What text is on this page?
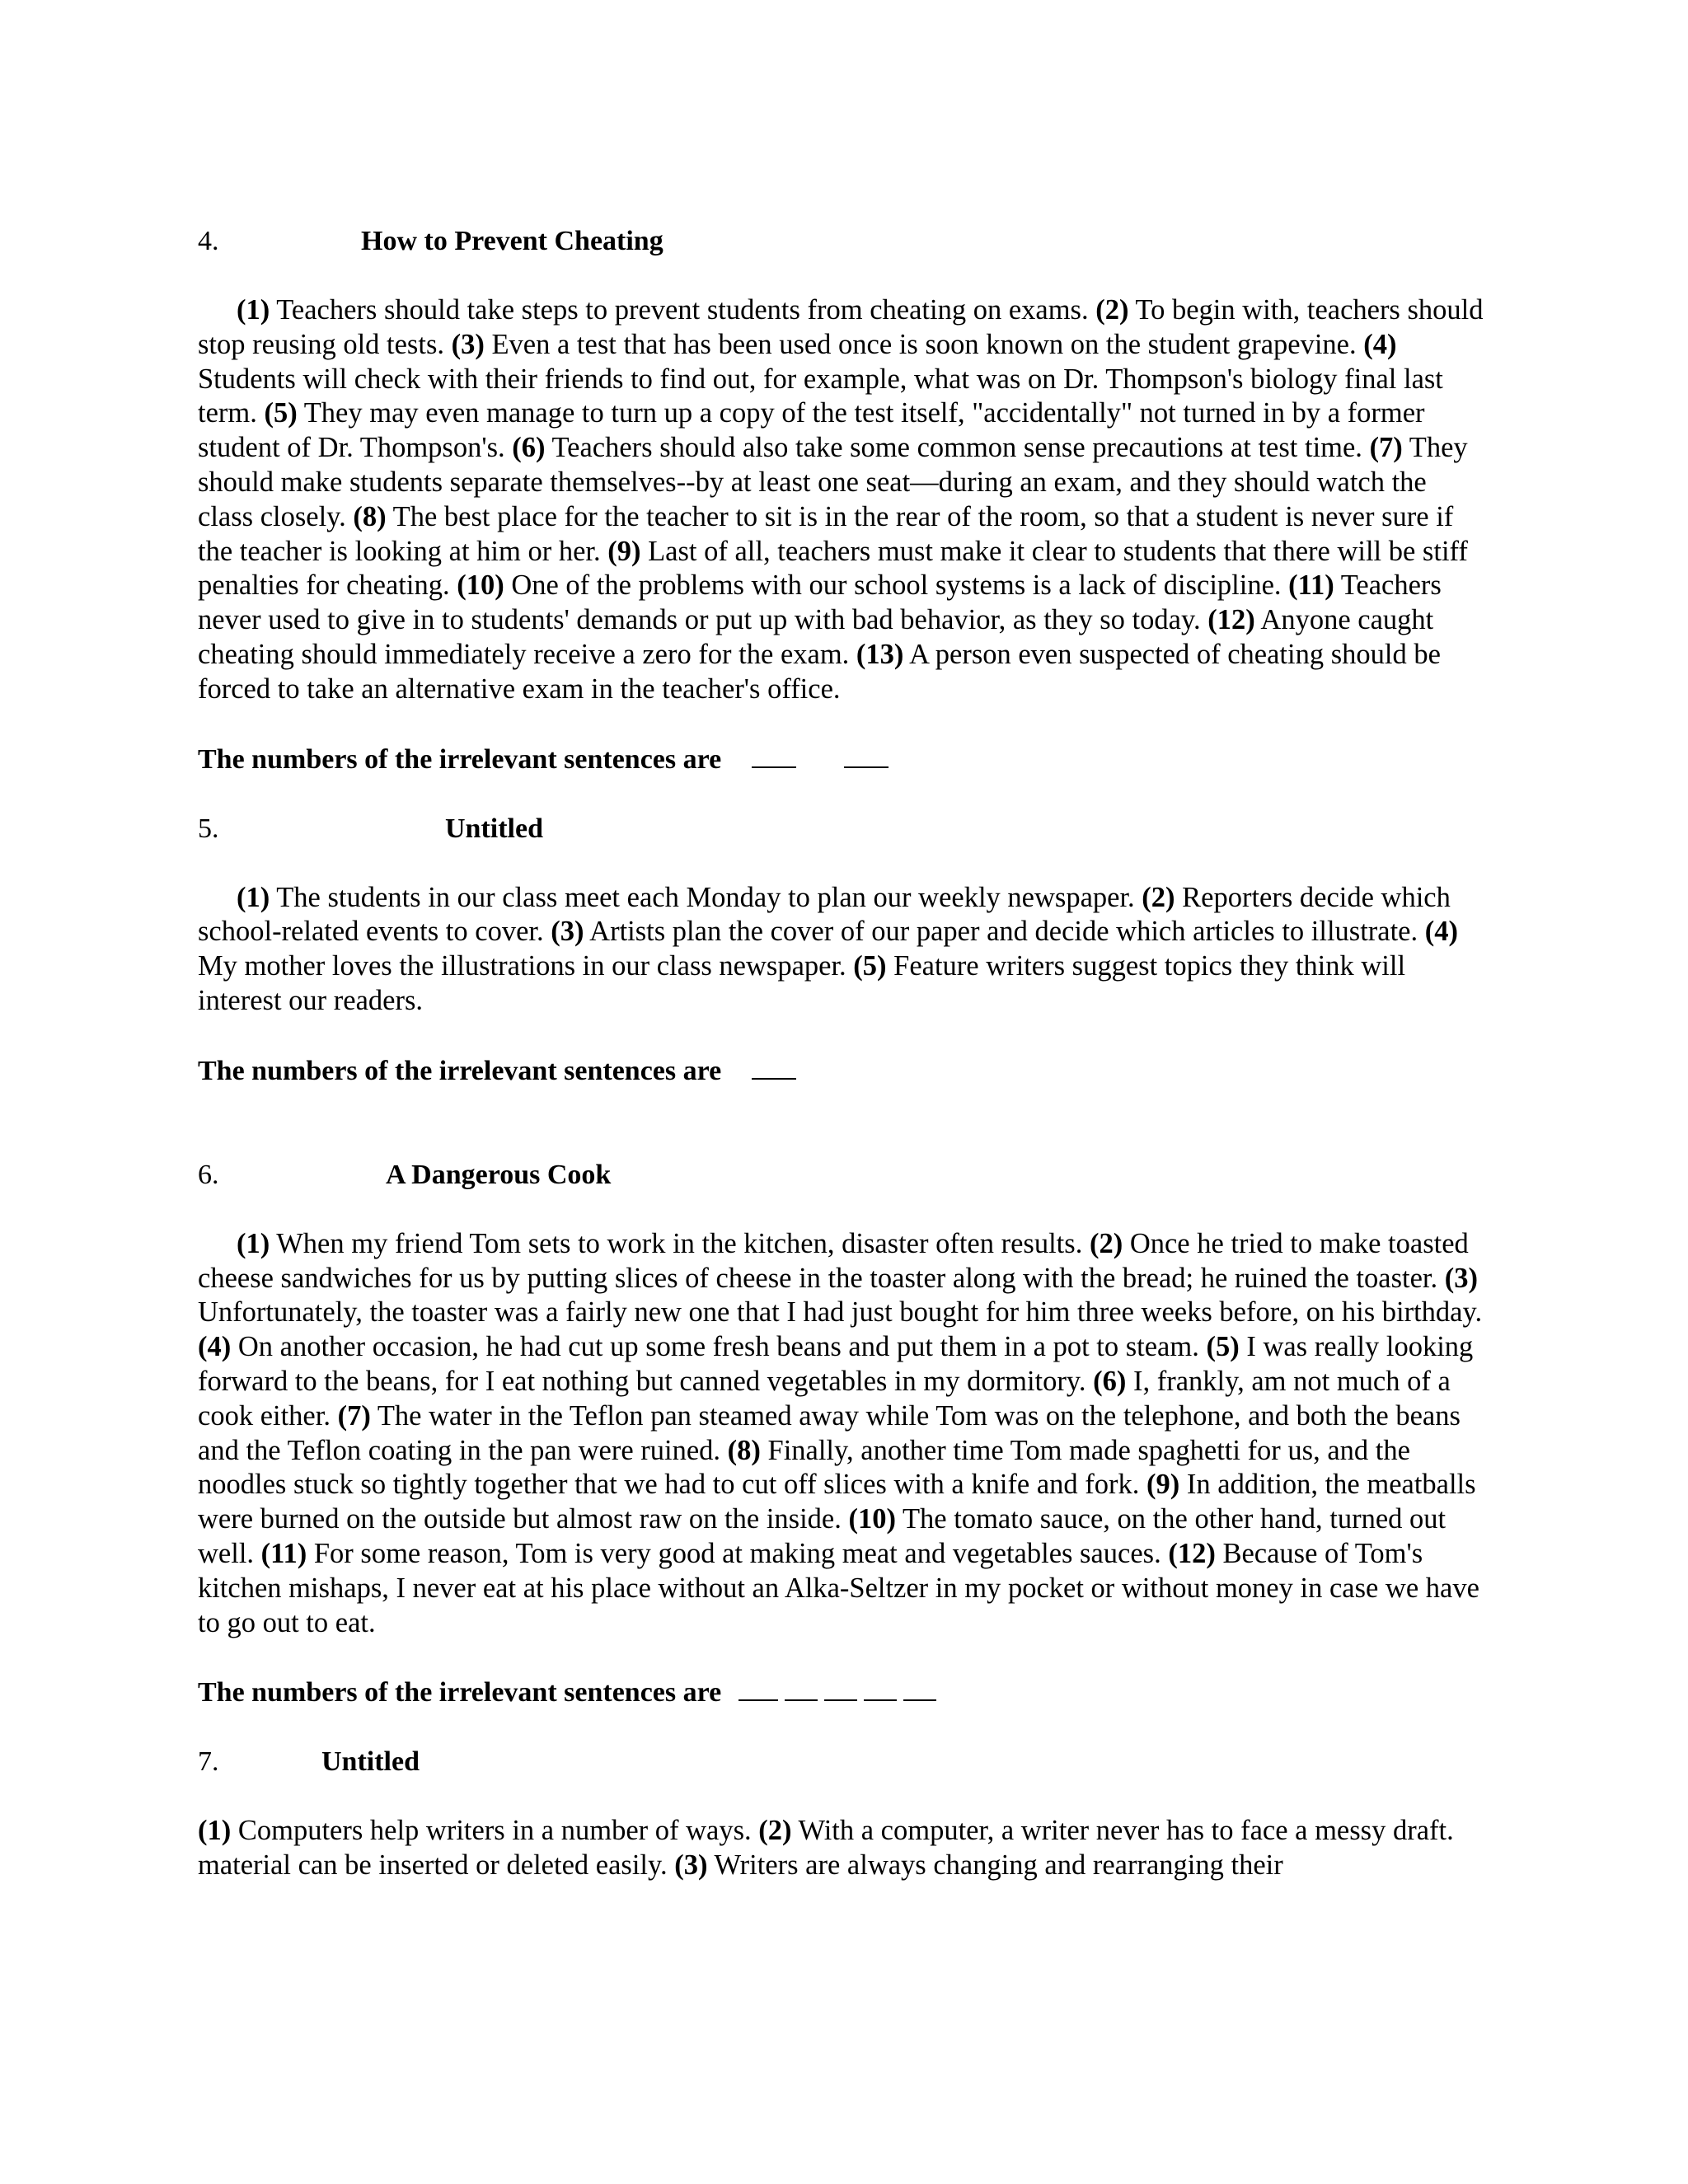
4.	How to Prevent Cheating

(1) Teachers should take steps to prevent students from cheating on exams. (2) To begin with, teachers should stop reusing old tests. (3) Even a test that has been used once is soon known on the student grapevine. (4) Students will check with their friends to find out, for example, what was on Dr. Thompson's biology final last term. (5) They may even manage to turn up a copy of the test itself, "accidentally" not turned in by a former student of Dr. Thompson's. (6) Teachers should also take some common sense precautions at test time. (7) They should make students separate themselves--by at least one seat—during an exam, and they should watch the class closely. (8) The best place for the teacher to sit is in the rear of the room, so that a student is never sure if the teacher is looking at him or her. (9) Last of all, teachers must make it clear to students that there will be stiff penalties for cheating. (10) One of the problems with our school systems is a lack of discipline. (11) Teachers never used to give in to students' demands or put up with bad behavior, as they so today. (12) Anyone caught cheating should immediately receive a zero for the exam. (13) A person even suspected of cheating should be forced to take an alternative exam in the teacher's office.

The numbers of the irrelevant sentences are
5.	Untitled

(1) The students in our class meet each Monday to plan our weekly newspaper. (2) Reporters decide which school-related events to cover. (3) Artists plan the cover of our paper and decide which articles to illustrate. (4) My mother loves the illustrations in our class newspaper. (5) Feature writers suggest topics they think will interest our readers.

The numbers of the irrelevant sentences are
6.	A Dangerous Cook

(1) When my friend Tom sets to work in the kitchen, disaster often results. (2) Once he tried to make toasted cheese sandwiches for us by putting slices of cheese in the toaster along with the bread; he ruined the toaster. (3) Unfortunately, the toaster was a fairly new one that I had just bought for him three weeks before, on his birthday. (4) On another occasion, he had cut up some fresh beans and put them in a pot to steam. (5) I was really looking forward to the beans, for I eat nothing but canned vegetables in my dormitory. (6) I, frankly, am not much of a cook either. (7) The water in the Teflon pan steamed away while Tom was on the telephone, and both the beans and the Teflon coating in the pan were ruined. (8) Finally, another time Tom made spaghetti for us, and the noodles stuck so tightly together that we had to cut off slices with a knife and fork. (9) In addition, the meatballs were burned on the outside but almost raw on the inside. (10) The tomato sauce, on the other hand, turned out well. (11) For some reason, Tom is very good at making meat and vegetables sauces. (12) Because of Tom's kitchen mishaps, I never eat at his place without an Alka-Seltzer in my pocket or without money in case we have to go out to eat.

The numbers of the irrelevant sentences are
7.	Untitled

(1) Computers help writers in a number of ways. (2) With a computer, a writer never has to face a messy draft. material can be inserted or deleted easily. (3) Writers are always changing and rearranging their
